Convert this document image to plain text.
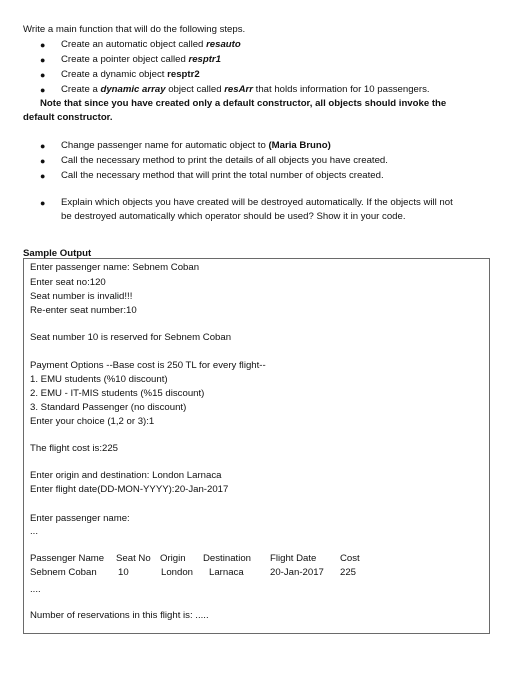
Write a main function that will do the following steps.
● Create an automatic object called resauto
● Create a pointer object called resptr1
● Create a dynamic object resptr2
● Create a dynamic array object called resArr that holds information for 10 passengers.
Note that since you have created only a default constructor, all objects should invoke the
default constructor.
● Change passenger name for automatic object to (Maria Bruno)
● Call the necessary method to print the details of all objects you have created.
● Call the necessary method that will print the total number of objects created.
● Explain which objects you have created will be destroyed automatically. If the objects will not
be destroyed automatically which operator should be used? Show it in your code.
Sample Output
Enter passenger name: Sebnem Coban
Enter seat no:120
Seat number is invalid!!!
Re-enter seat number:10
Seat number 10 is reserved for Sebnem Coban
Payment Options --Base cost is 250 TL for every flight--
1. EMU students (%10 discount)
2. EMU - IT-MIS students (%15 discount)
3. Standard Passenger (no discount)
Enter your choice (1,2 or 3):1
The flight cost is:225
Enter origin and destination: London Larnaca
Enter flight date(DD-MON-YYYY):20-Jan-2017
Enter passenger name:
...
Passenger Name Seat No Origin Destination Flight Date Cost
Sebnem Coban 10	London Larnaca	20-Jan-2017 225
....
Number of reservations in this flight is: .....
